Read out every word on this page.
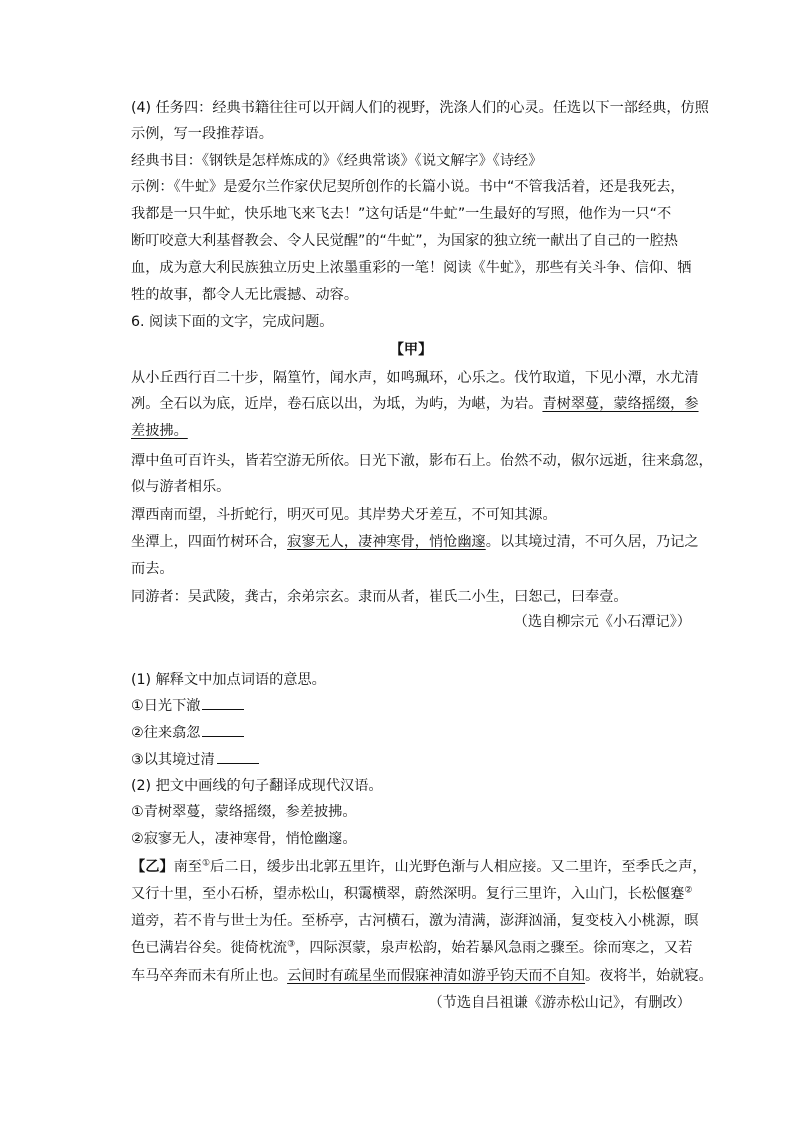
(4) 任务四：经典书籍往往可以开阔人们的视野，洗涤人们的心灵。任选以下一部经典，仿照
示例，写一段推荐语。
经典书目：《钢铁是怎样炼成的》《经典常谈》《说文解字》《诗经》
示例：《牛虻》是爱尔兰作家伏尼契所创作的长篇小说。书中“不管我活着，还是我死去，
我都是一只牛虻，快乐地飞来飞去！”这句话是“牛虻”一生最好的写照，他作为一只“不
断叮咬意大利基督教会、令人民觉醒”的“牛虻”，为国家的独立统一献出了自己的一腔热
血，成为意大利民族独立历史上浓墨重彩的一笔！阅读《牛虻》，那些有关斗争、信仰、牺
牲的故事，都令人无比震撼、动容。
6. 阅读下面的文字，完成问题。
【甲】
从小丘西行百二十步，隔篁竹，闻水声，如鸣珮环，心乐之。伐竹取道，下见小潭，水尤清
冽。全石以为底，近岸，卷石底以出，为坻，为屿，为嵁，为岩。青树翠蔓，蒙络摇缀，参
差披拂。
潭中鱼可百许头，皆若空游无所依。日光下澈，影布石上。佁然不动，俶尔远逝，往来翕忽，
似与游者相乐。
潭西南而望，斗折蛇行，明灭可见。其岸势犬牙差互，不可知其源。
坐潭上，四面竹树环合，寂寥无人，凄神寒骨，悄怆幽邃。以其境过清，不可久居，乃记之
而去。
同游者：吴武陵，龚古，余弟宗玄。隶而从者，崔氏二小生，曰恕己，曰奉壹。
（选自柳宗元《小石潭记》）
(1) 解释文中加点词语的意思。
①日光下澈
②往来翕忽
③以其境过清
(2) 把文中画线的句子翻译成现代汉语。
①青树翠蔓，蒙络摇缀，参差披拂。
②寂寥无人，凄神寒骨，悄怆幽邃。
【乙】南至①后二日，缓步出北郭五里许，山光野色渐与人相应接。又二里许，至季氏之声，
又行十里，至小石桥，望赤松山，积霭横翠，蔚然深明。复行三里许，入山门，长松偃蹇②
道旁，若不肯与世士为任。至桥亭，古河横石，激为清满，澎湃汹涌，复变枝入小桃源，暝
色已满岩谷矣。徙倚枕流③，四际溟蒙，泉声松韵，始若暴风急雨之骤至。徐而寒之，又若
车马卒奔而未有所止也。云间时有疏星坐而假寐神清如游乎钧天而不自知。夜将半，始就寝。
（节选自吕祖谦《游赤松山记》，有删改）
